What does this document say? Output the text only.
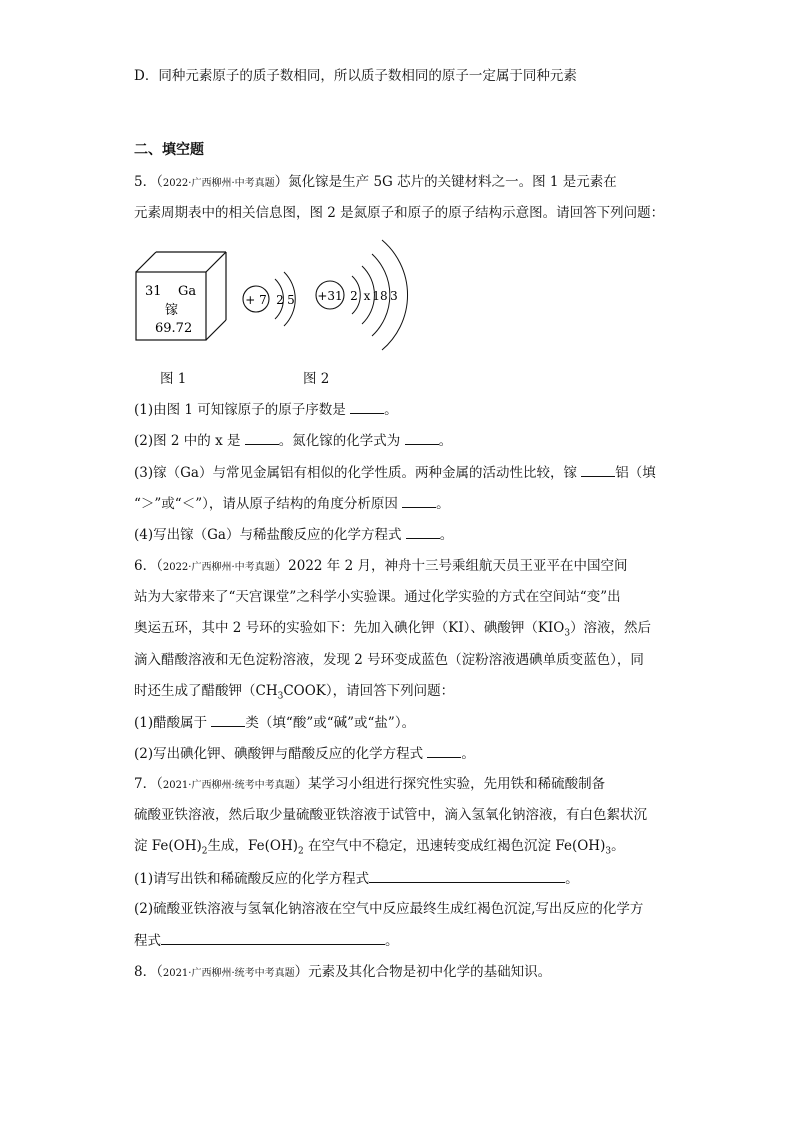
D．同种元素原子的质子数相同，所以质子数相同的原子一定属于同种元素
二、填空题
5．（2022·广西柳州·中考真题）氮化镓是生产 5G 芯片的关键材料之一。图 1 是元素在
元素周期表中的相关信息图，图 2 是氮原子和原子的原子结构示意图。请回答下列问题：
31 Ga
镓
69.72
+ 7 2 5 +31 2 x 18 3
图 1	图 2
(1)由图 1 可知镓原子的原子序数是	。
(2)图 2 中的 x 是	。氮化镓的化学式为	。
(3)镓（Ga）与常见金属铝有相似的化学性质。两种金属的活动性比较，镓	铝（填
“＞”或“＜”），请从原子结构的角度分析原因	。
(4)写出镓（Ga）与稀盐酸反应的化学方程式	。
6．（2022·广西柳州·中考真题）2022 年 2 月，神舟十三号乘组航天员王亚平在中国空间
站为大家带来了“天宫课堂”之科学小实验课。通过化学实验的方式在空间站“变”出
奥运五环，其中 2 号环的实验如下：先加入碘化钾（KI）、碘酸钾$(KIO_3)$溶液，然后
滴入醋酸溶液和无色淀粉溶液，发现 2 号环变成蓝色（淀粉溶液遇碘单质变蓝色），同
时还生成了醋酸钾$(CH_3COOK)$，请回答下列问题：
(1)醋酸属于	类（填“酸”或“碱”或“盐”）。
(2)写出碘化钾、碘酸钾与醋酸反应的化学方程式	。
7．（2021·广西柳州·统考中考真题）某学习小组进行探究性实验，先用铁和稀硫酸制备
硫酸亚铁溶液，然后取少量硫酸亚铁溶液于试管中，滴入氢氧化钠溶液，有白色絮状沉
淀 $Fe(OH)_2$生成，$Fe(OH)_2$ 在空气中不稳定，迅速转变成红褐色沉淀 $Fe(OH)_3$。
(1)请写出铁和稀硫酸反应的化学方程式	。
(2)硫酸亚铁溶液与氢氧化钠溶液在空气中反应最终生成红褐色沉淀,写出反应的化学方
程式	。
8．（2021·广西柳州·统考中考真题）元素及其化合物是初中化学的基础知识。
